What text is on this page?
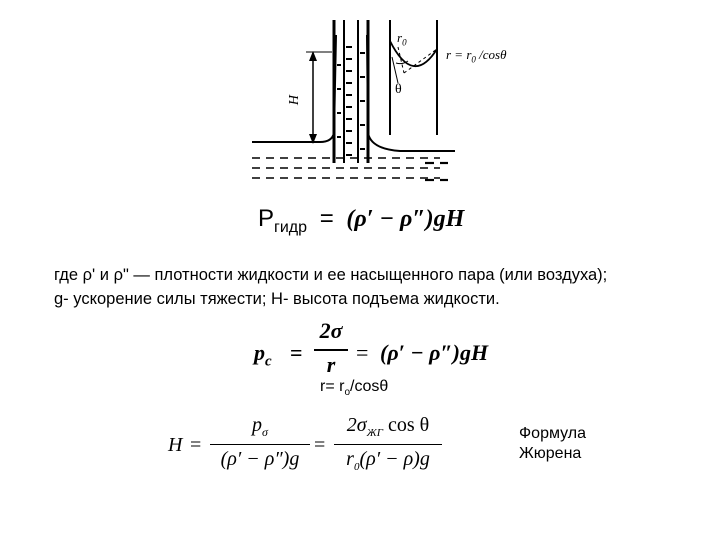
$r_0$
$r = r_0$ /cosθ
θ
H
$P_{гидр} = (\rho' - \rho'')gH$
где ρ' и ρ" — плотности жидкости и ее насыщенного пара (или воздуха);
g- ускорение силы тяжести; H- высота подъема жидкости.
$p_c$ =
2σ
r = (ρ′ − ρ″)gH
$r= r_o$/cosθ
H =
$p_\sigma$
(ρ′ − ρ″)g
=
$2\sigma_{ЖГ}$ cos θ
$r_0(\rho' - \rho)g$
Формула
Жюрена
